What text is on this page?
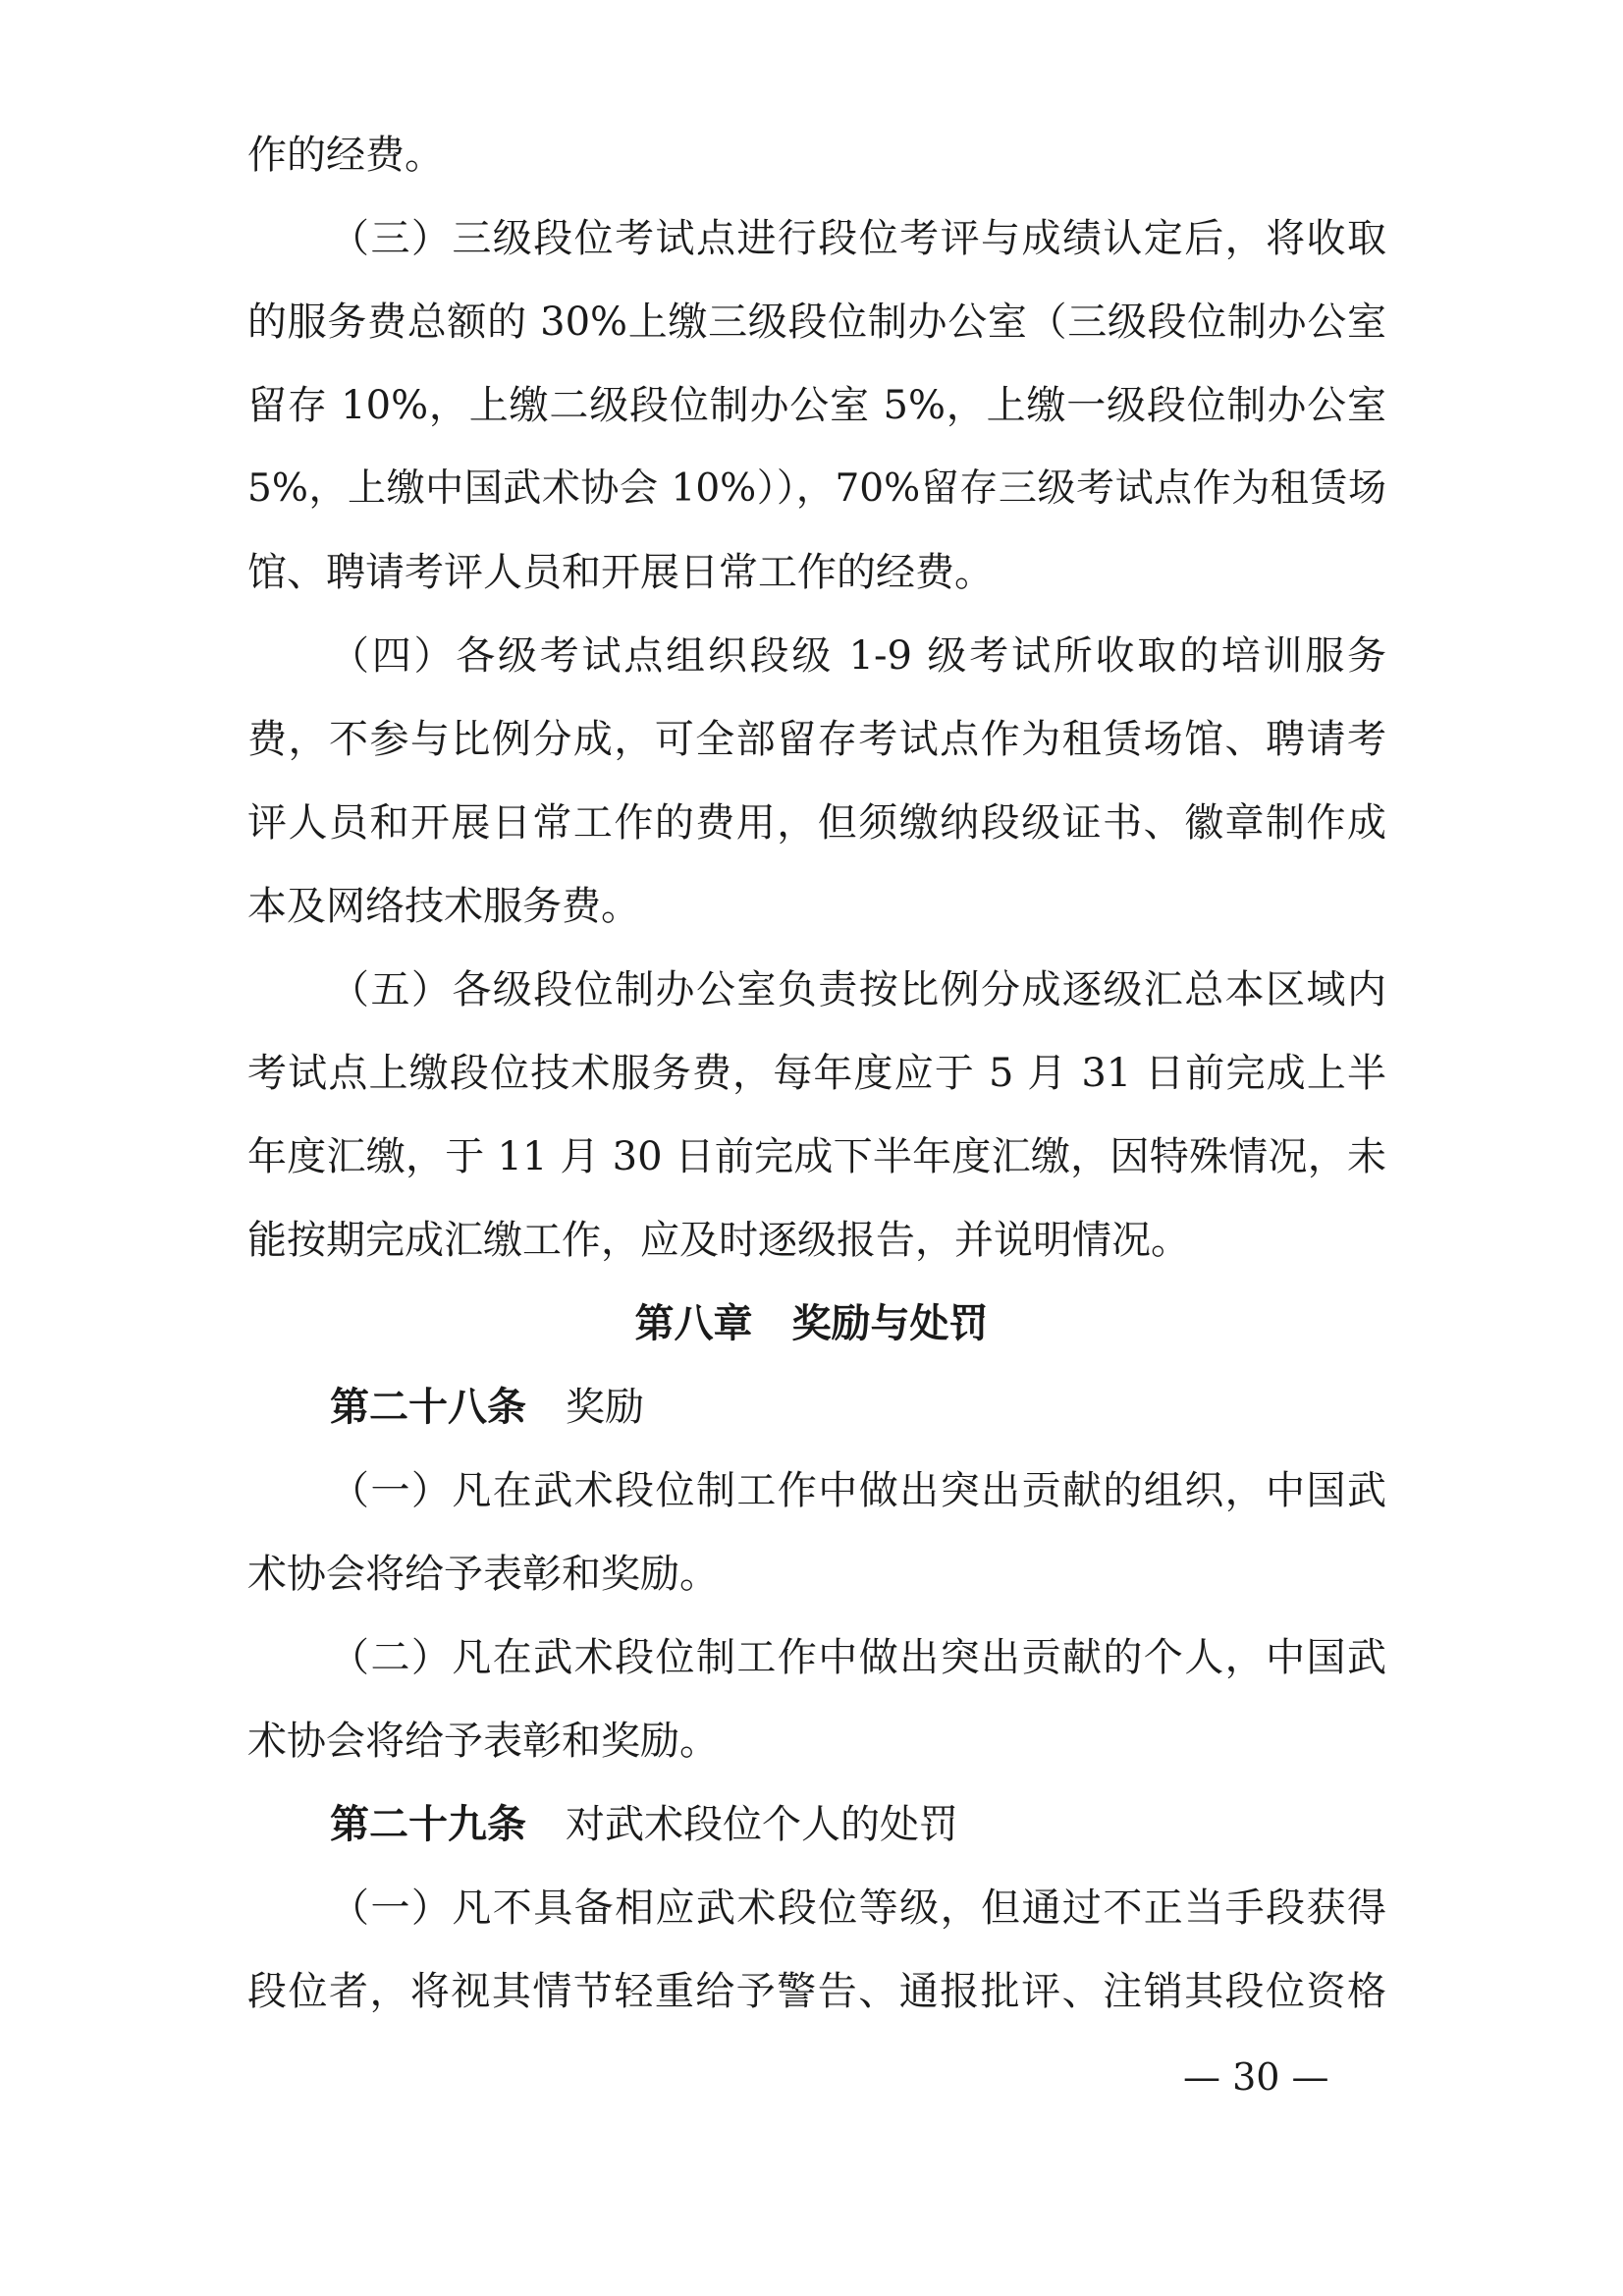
作的经费。
（三）三级段位考试点进行段位考评与成绩认定后，将收取
的服务费总额的 30%上缴三级段位制办公室（三级段位制办公室
留存 10%，上缴二级段位制办公室 5%，上缴一级段位制办公室
5%，上缴中国武术协会 10%）），70%留存三级考试点作为租赁场
馆、聘请考评人员和开展日常工作的经费。
（四）各级考试点组织段级 1-9 级考试所收取的培训服务
费，不参与比例分成，可全部留存考试点作为租赁场馆、聘请考
评人员和开展日常工作的费用，但须缴纳段级证书、徽章制作成
本及网络技术服务费。
（五）各级段位制办公室负责按比例分成逐级汇总本区域内
考试点上缴段位技术服务费，每年度应于 5 月 31 日前完成上半
年度汇缴，于 11 月 30 日前完成下半年度汇缴，因特殊情况，未
能按期完成汇缴工作，应及时逐级报告，并说明情况。
第八章　奖励与处罚
第二十八条 奖励
（一）凡在武术段位制工作中做出突出贡献的组织，中国武
术协会将给予表彰和奖励。
（二）凡在武术段位制工作中做出突出贡献的个人，中国武
术协会将给予表彰和奖励。
第二十九条 对武术段位个人的处罚
（一）凡不具备相应武术段位等级，但通过不正当手段获得
段位者，将视其情节轻重给予警告、通报批评、注销其段位资格
— 30 —
